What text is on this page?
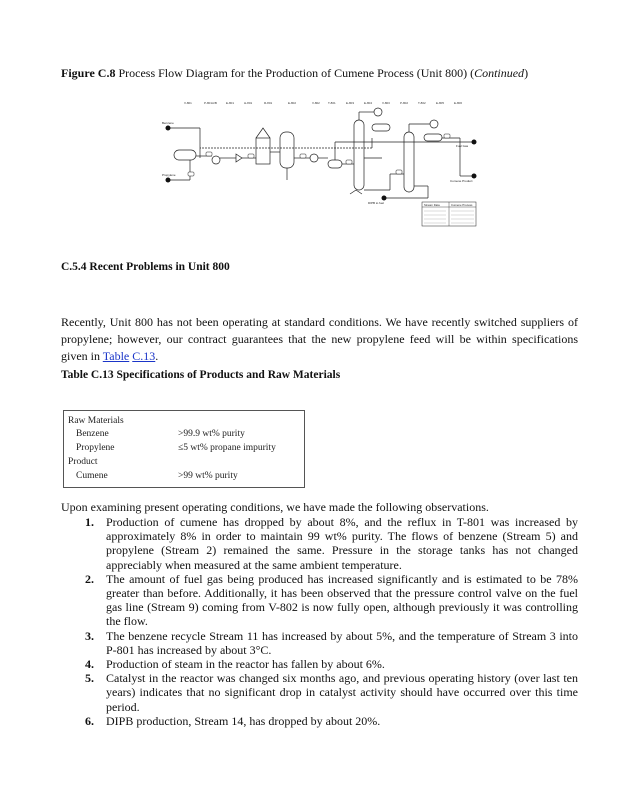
Figure C.8 Process Flow Diagram for the Production of Cumene Process (Unit 800) (Continued)
V-801	P-801A/B	E-801	H-801	R-801	E-802	V-802	T-801	E-803	E-804	V-803	P-802	T-802	E-805	E-806
Benzene
Propylene
Fuel Gas
Cumene Product
DIPB to fuel	Stream Data	Cumene Process
C.5.4 Recent Problems in Unit 800
Recently, Unit 800 has not been operating at standard conditions. We have recently switched suppliers of propylene; however, our contract guarantees that the new propylene feed will be within specifications given in Table C.13.
Table C.13 Specifications of Products and Raw Materials
Raw Materials
Benzene	>99.9 wt% purity
Propylene	≤5 wt% propane impurity
Product
Cumene	>99 wt% purity
Upon examining present operating conditions, we have made the following observations.
1. Production of cumene has dropped by about 8%, and the reflux in T-801 was increased by approximately 8% in order to maintain 99 wt% purity. The flows of benzene (Stream 5) and propylene (Stream 2) remained the same. Pressure in the storage tanks has not changed appreciably when measured at the same ambient temperature.
2. The amount of fuel gas being produced has increased significantly and is estimated to be 78% greater than before. Additionally, it has been observed that the pressure control valve on the fuel gas line (Stream 9) coming from V-802 is now fully open, although previously it was controlling the flow.
3. The benzene recycle Stream 11 has increased by about 5%, and the temperature of Stream 3 into P-801 has increased by about 3°C.
4. Production of steam in the reactor has fallen by about 6%.
5. Catalyst in the reactor was changed six months ago, and previous operating history (over last ten years) indicates that no significant drop in catalyst activity should have occurred over this time period.
6. DIPB production, Stream 14, has dropped by about 20%.
